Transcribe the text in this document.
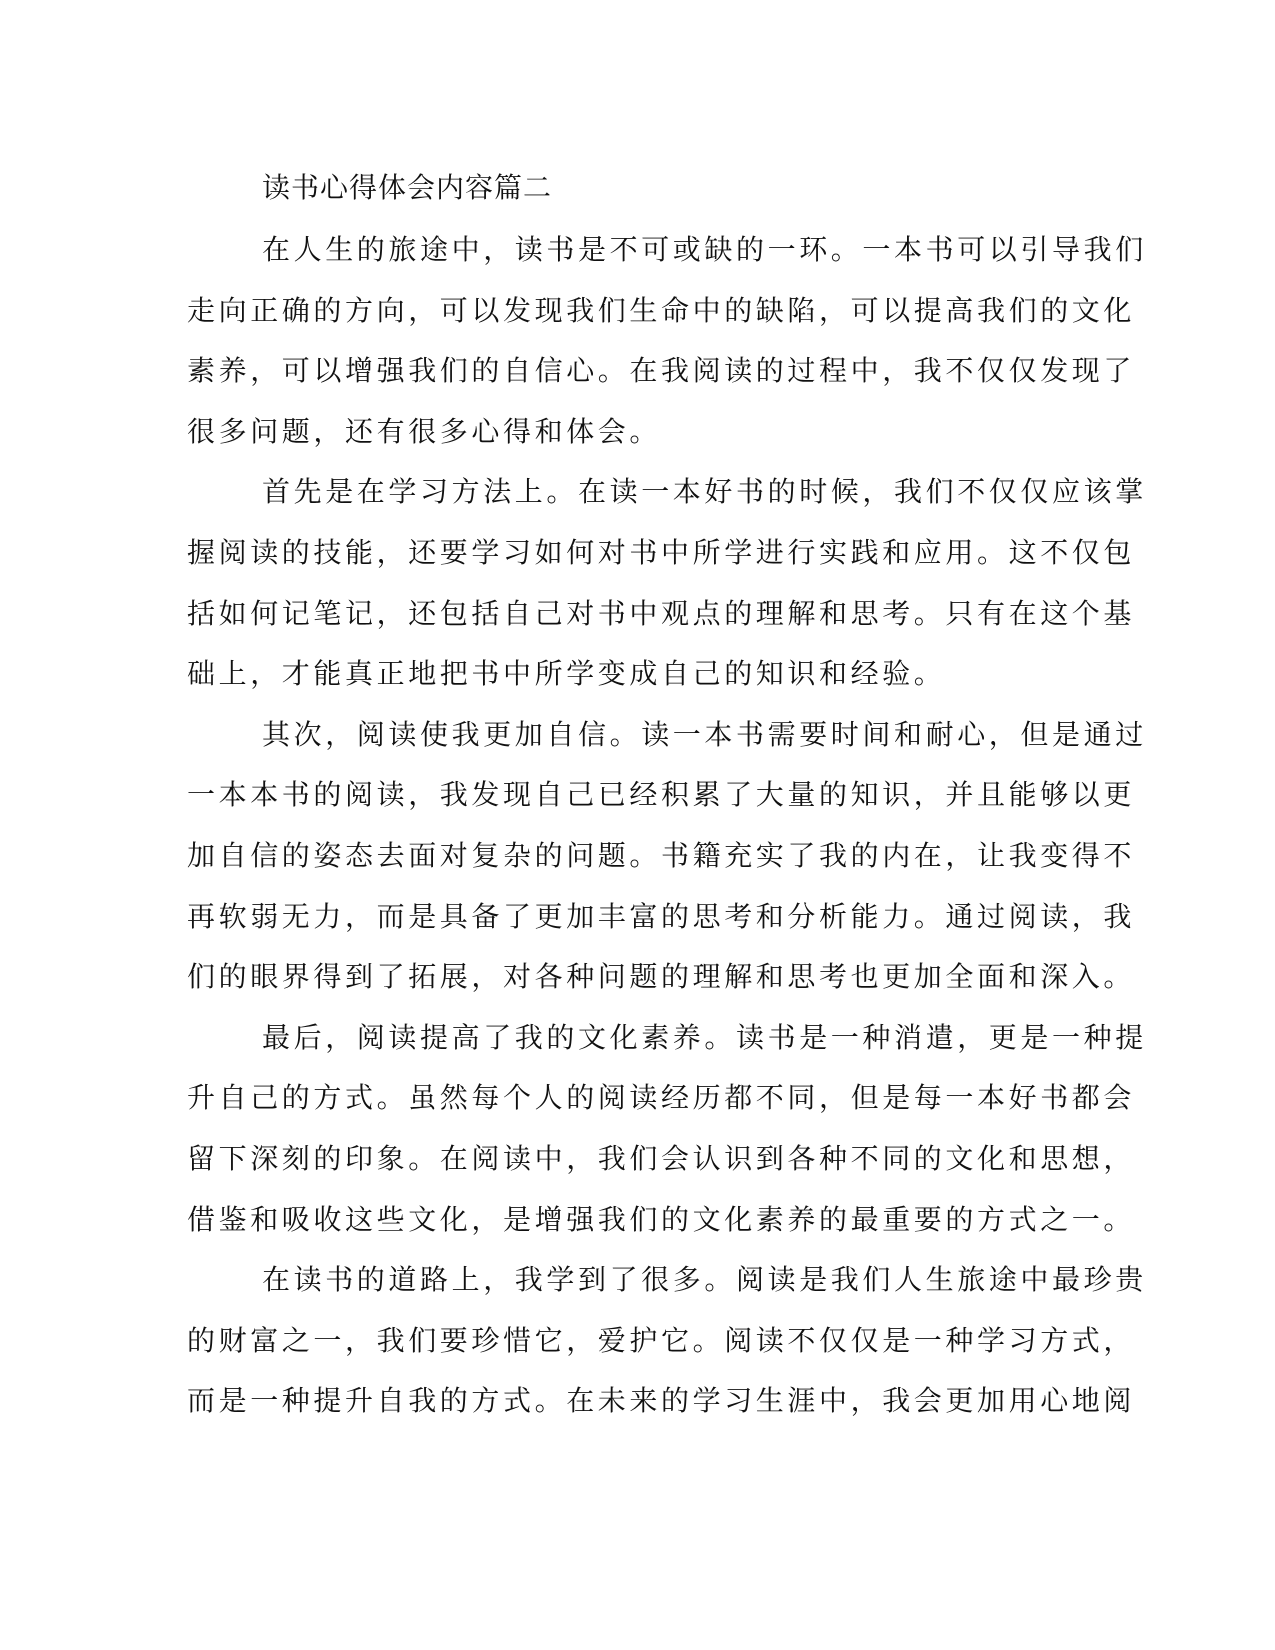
读书心得体会内容篇二
在人生的旅途中，读书是不可或缺的一环。一本书可以引导我们
走向正确的方向，可以发现我们生命中的缺陷，可以提高我们的文化
素养，可以增强我们的自信心。在我阅读的过程中，我不仅仅发现了
很多问题，还有很多心得和体会。
首先是在学习方法上。在读一本好书的时候，我们不仅仅应该掌
握阅读的技能，还要学习如何对书中所学进行实践和应用。这不仅包
括如何记笔记，还包括自己对书中观点的理解和思考。只有在这个基
础上，才能真正地把书中所学变成自己的知识和经验。
其次，阅读使我更加自信。读一本书需要时间和耐心，但是通过
一本本书的阅读，我发现自己已经积累了大量的知识，并且能够以更
加自信的姿态去面对复杂的问题。书籍充实了我的内在，让我变得不
再软弱无力，而是具备了更加丰富的思考和分析能力。通过阅读，我
们的眼界得到了拓展，对各种问题的理解和思考也更加全面和深入。
最后，阅读提高了我的文化素养。读书是一种消遣，更是一种提
升自己的方式。虽然每个人的阅读经历都不同，但是每一本好书都会
留下深刻的印象。在阅读中，我们会认识到各种不同的文化和思想，
借鉴和吸收这些文化，是增强我们的文化素养的最重要的方式之一。
在读书的道路上，我学到了很多。阅读是我们人生旅途中最珍贵
的财富之一，我们要珍惜它，爱护它。阅读不仅仅是一种学习方式，
而是一种提升自我的方式。在未来的学习生涯中，我会更加用心地阅
